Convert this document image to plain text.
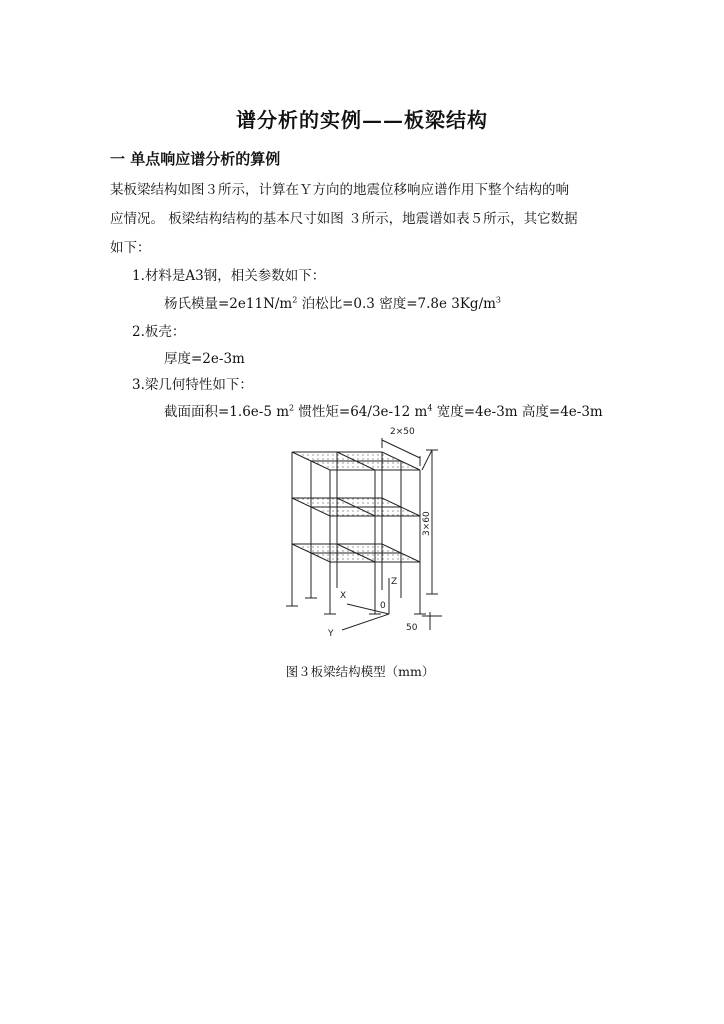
谱分析的实例——板梁结构
一 单点响应谱分析的算例
某板梁结构如图３所示，计算在Ｙ方向的地震位移响应谱作用下整个结构的响
应情况。 板梁结构结构的基本尺寸如图 ３所示，地震谱如表５所示，其它数据
如下：
1.材料是A3钢，相关参数如下：
杨氏模量$=2e11N/m^2$ 泊松比=0.3 密度=7.8e $3Kg/m^3$
2.板壳：
厚度=2e-3m
3.梁几何特性如下：
截面面积=1.6e-5 $m^2$ 惯性矩=64/3e-12 $m^4$ 宽度=4e-3m 高度=4e-3m
2×50
3×60
Z
X
Y
0
50
图３板梁结构模型（mm）
